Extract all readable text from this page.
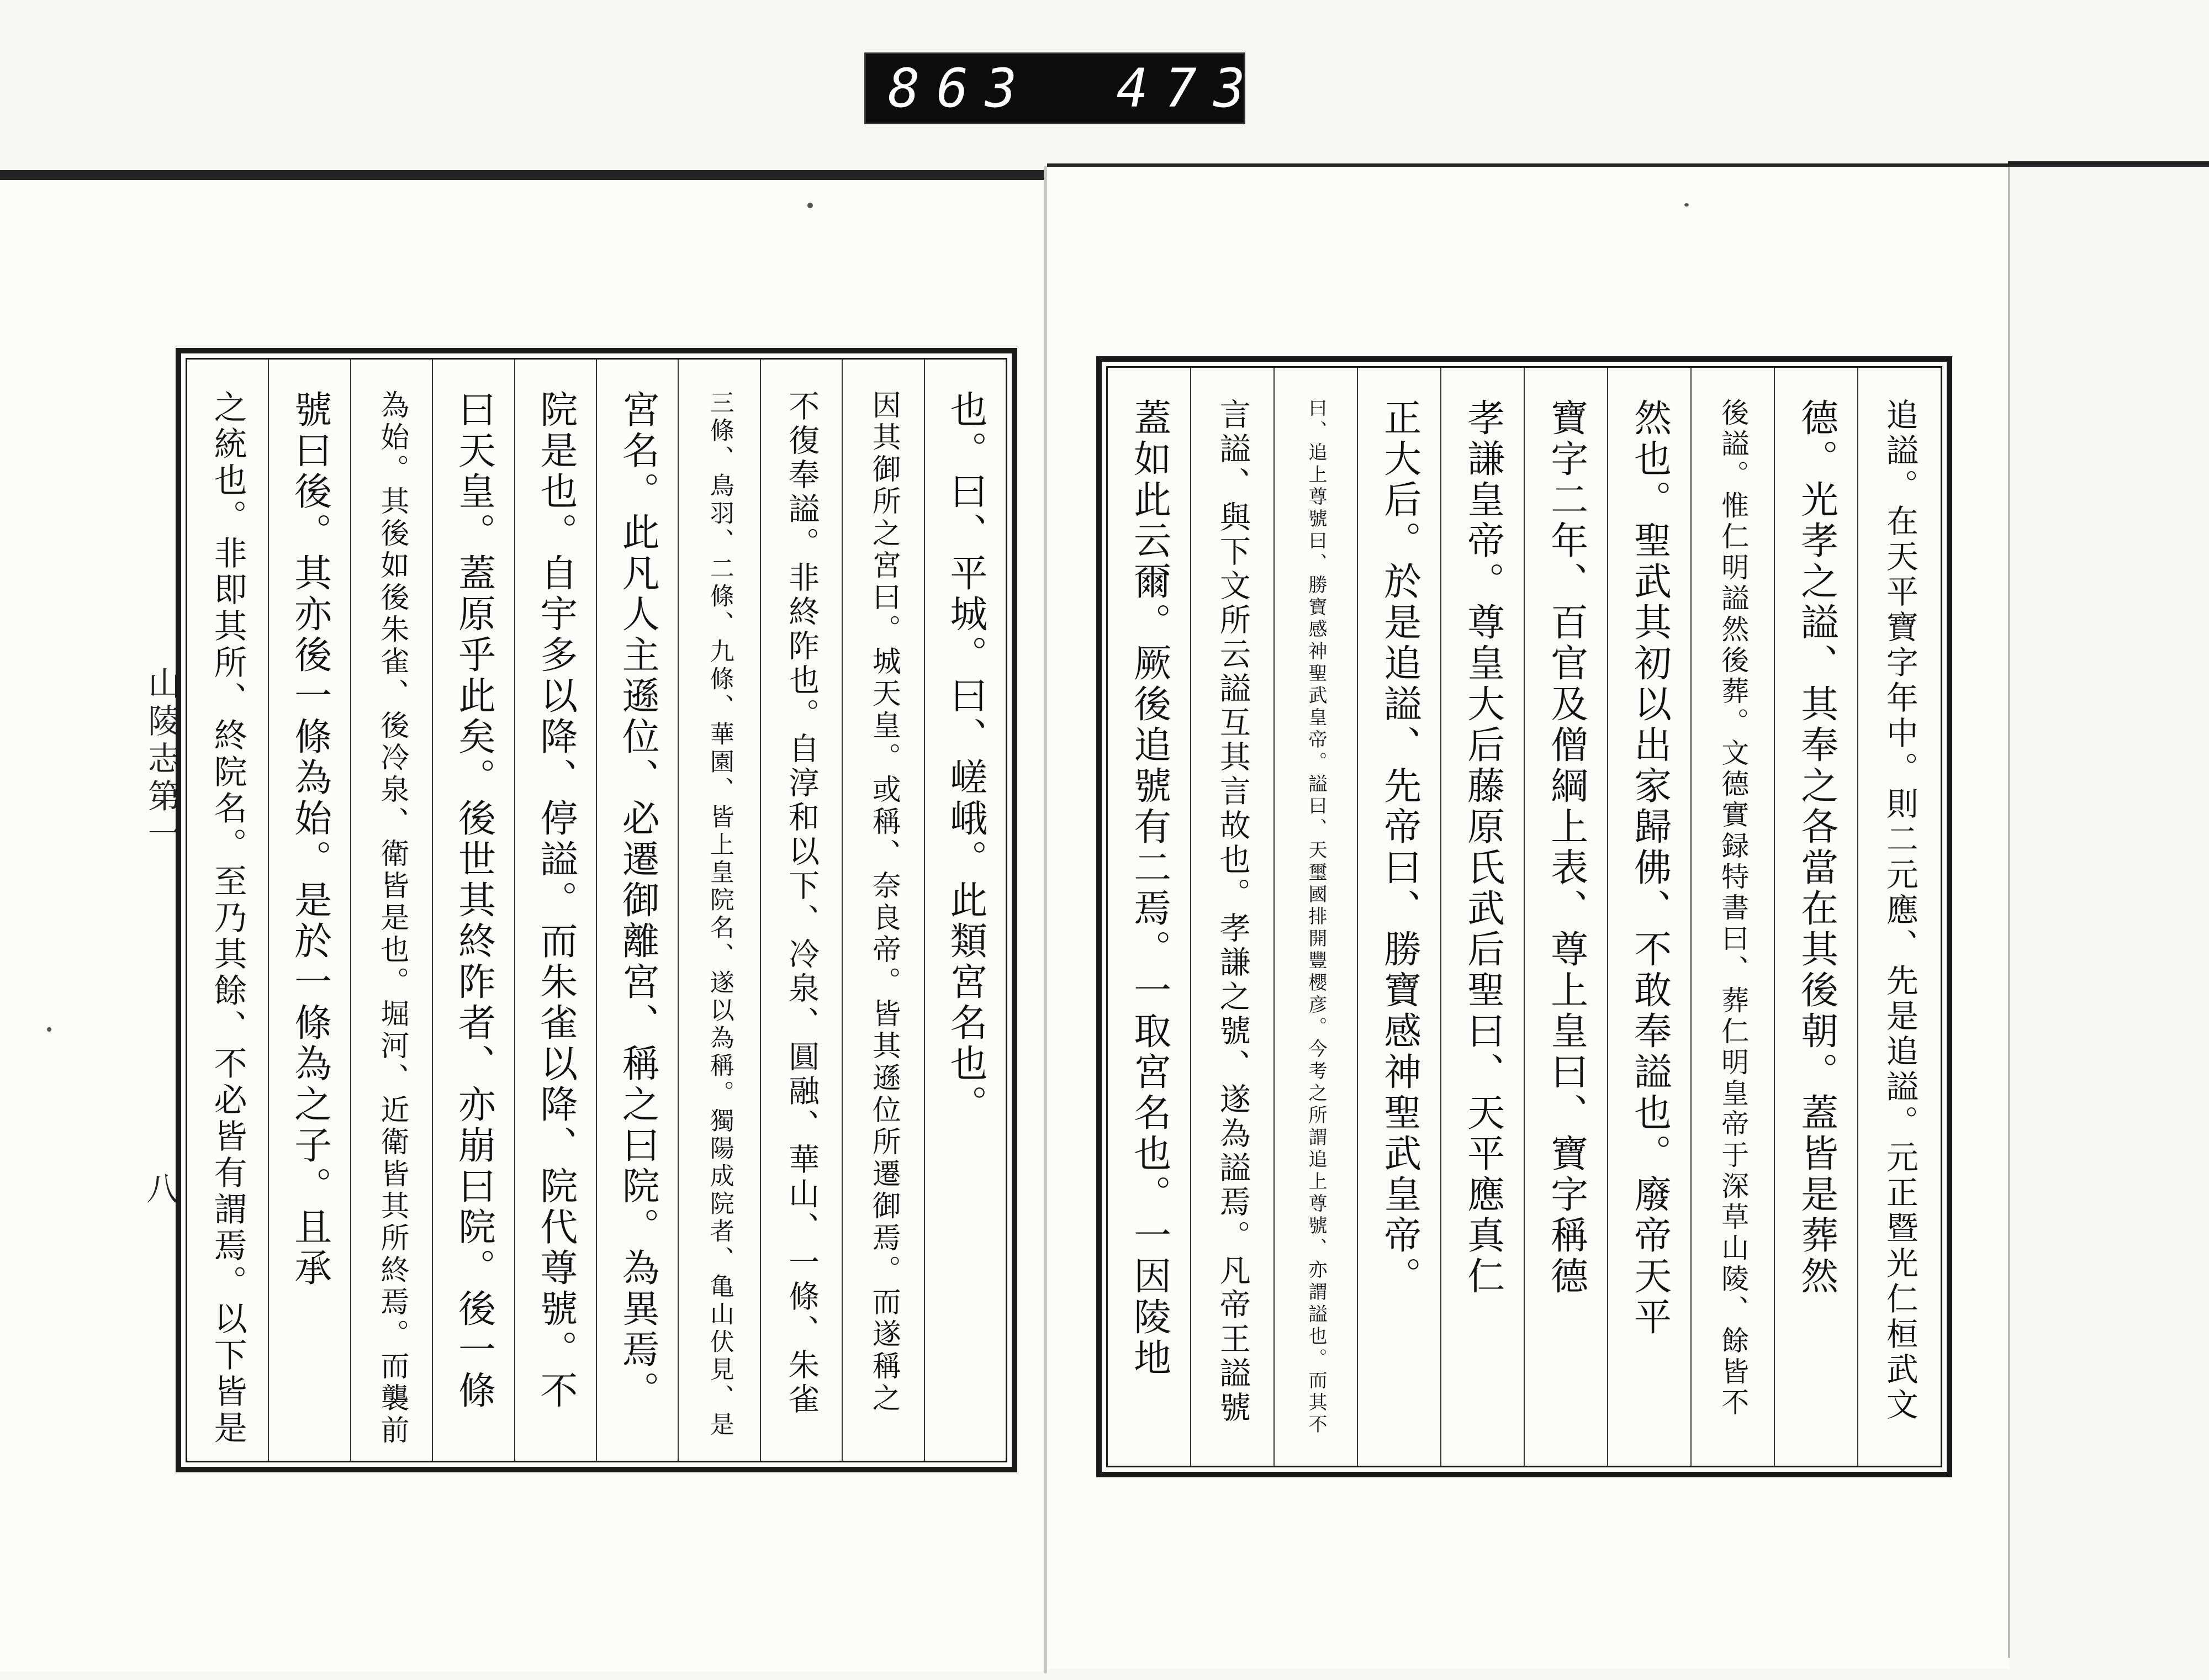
863 473
山陵志第一
八
也。曰、平城。曰、嵯峨。此類宮名也。
因其御所之宮曰。城天皇。或稱、奈良帝。皆其遜位所遷御焉。而遂稱之
不復奉謚。非終阼也。自淳和以下、冷泉、圓融、華山、一條、朱雀
三條、鳥羽、二條、九條、華園、皆上皇院名、遂以為稱。獨陽成院者、亀山伏見、是
宮名。此凡人主遜位、必遷御離宮、稱之曰院。為異焉。
院是也。自宇多以降、停謚。而朱雀以降、院代尊號。不
曰天皇。蓋原乎此矣。後世其終阼者、亦崩曰院。後一條
為始。其後如後朱雀、後冷泉、衛皆是也。堀河、近衛皆其所終焉。而襲前
號曰後。其亦後一條為始。是於一條為之子。且承
之統也。非即其所、終院名。至乃其餘、不必皆有謂焉。以下皆是	追謚。在天平寶字年中。則二元應、先是追謚。元正暨光仁桓武文
德。光孝之謚、其奉之各當在其後朝。蓋皆是葬然
後謚。惟仁明謚然後葬。文德實録特書曰、葬仁明皇帝于深草山陵、餘皆不
然也。聖武其初以出家歸佛、不敢奉謚也。廢帝天平
寶字二年、百官及僧綱上表、尊上皇曰、寶字稱德
孝謙皇帝。尊皇大后藤原氏武后聖曰、天平應真仁
正大后。於是追謚、先帝曰、勝寶感神聖武皇帝。
曰、追上尊號曰、勝寶感神聖武皇帝。謚曰、天璽國排開豐櫻彦。今考之所謂追上尊號、亦謂謚也。而其不
言謚、與下文所云謚互其言故也。孝謙之號、遂為謚焉。凡帝王謚號
蓋如此云爾。厥後追號有二焉。一取宮名也。一因陵地
